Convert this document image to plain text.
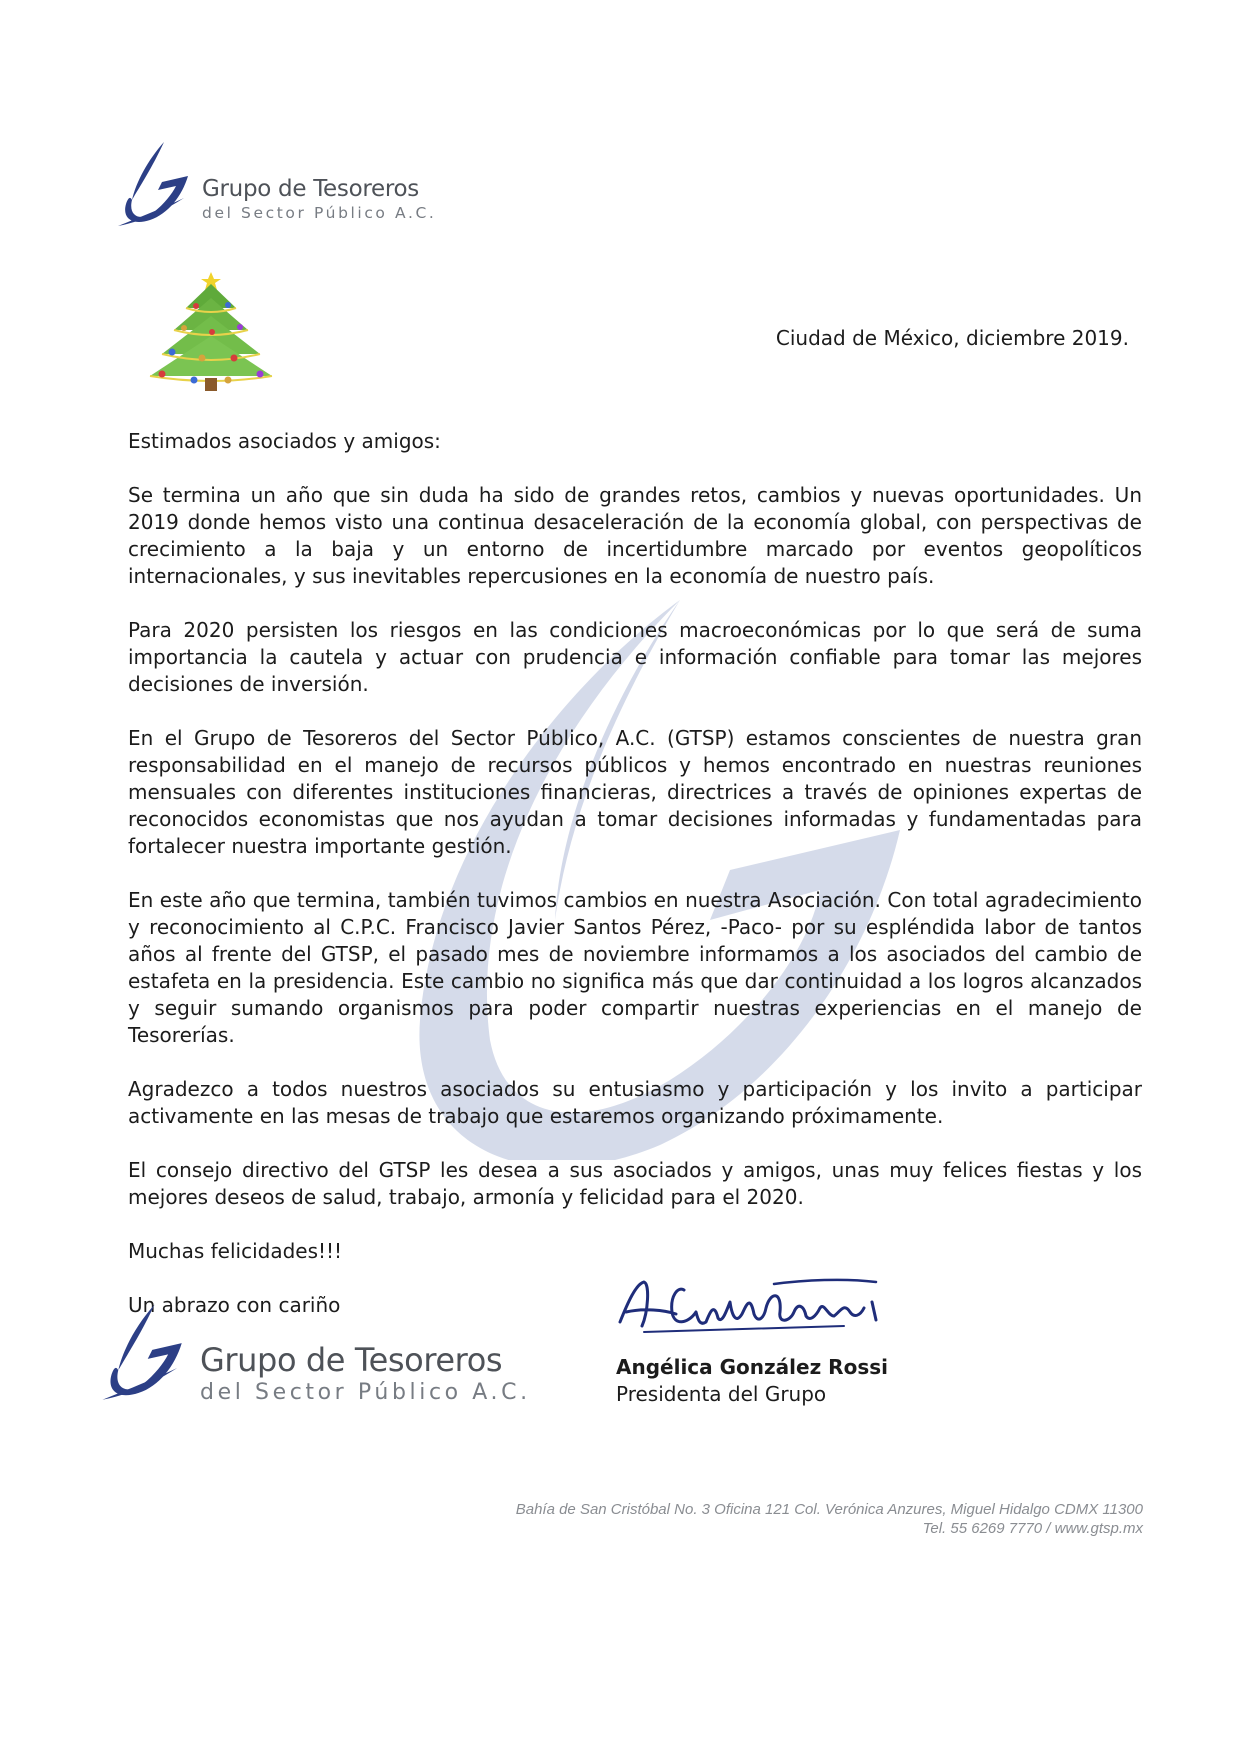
Grupo de Tesoreros
del Sector Público A.C.
Ciudad de México, diciembre 2019.

Estimados asociados y amigos:

Se termina un año que sin duda ha sido de grandes retos, cambios y nuevas oportunidades. Un 2019 donde hemos visto una continua desaceleración de la economía global, con perspectivas de crecimiento a la baja y un entorno de incertidumbre marcado por eventos geopolíticos internacionales, y sus inevitables repercusiones en la economía de nuestro país.

Para 2020 persisten los riesgos en las condiciones macroeconómicas por lo que será de suma importancia la cautela y actuar con prudencia e información confiable para tomar las mejores decisiones de inversión.

En el Grupo de Tesoreros del Sector Público, A.C. (GTSP) estamos conscientes de nuestra gran responsabilidad en el manejo de recursos públicos y hemos encontrado en nuestras reuniones mensuales con diferentes instituciones financieras, directrices a través de opiniones expertas de reconocidos economistas que nos ayudan a tomar decisiones informadas y fundamentadas para fortalecer nuestra importante gestión.

En este año que termina, también tuvimos cambios en nuestra Asociación. Con total agradecimiento y reconocimiento al C.P.C. Francisco Javier Santos Pérez, -Paco- por su espléndida labor de tantos años al frente del GTSP, el pasado mes de noviembre informamos a los asociados del cambio de estafeta en la presidencia. Este cambio no significa más que dar continuidad a los logros alcanzados y seguir sumando organismos para poder compartir nuestras experiencias en el manejo de Tesorerías.

Agradezco a todos nuestros asociados su entusiasmo y participación y los invito a participar activamente en las mesas de trabajo que estaremos organizando próximamente.

El consejo directivo del GTSP les desea a sus asociados y amigos, unas muy felices fiestas y los mejores deseos de salud, trabajo, armonía y felicidad para el 2020.

Muchas felicidades!!!

Un abrazo con cariño

Grupo de Tesoreros
del Sector Público A.C.
Angélica González Rossi
Presidenta del Grupo
Bahía de San Cristóbal No. 3 Oficina 121 Col. Verónica Anzures, Miguel Hidalgo CDMX 11300
Tel. 55 6269 7770 / www.gtsp.mx
